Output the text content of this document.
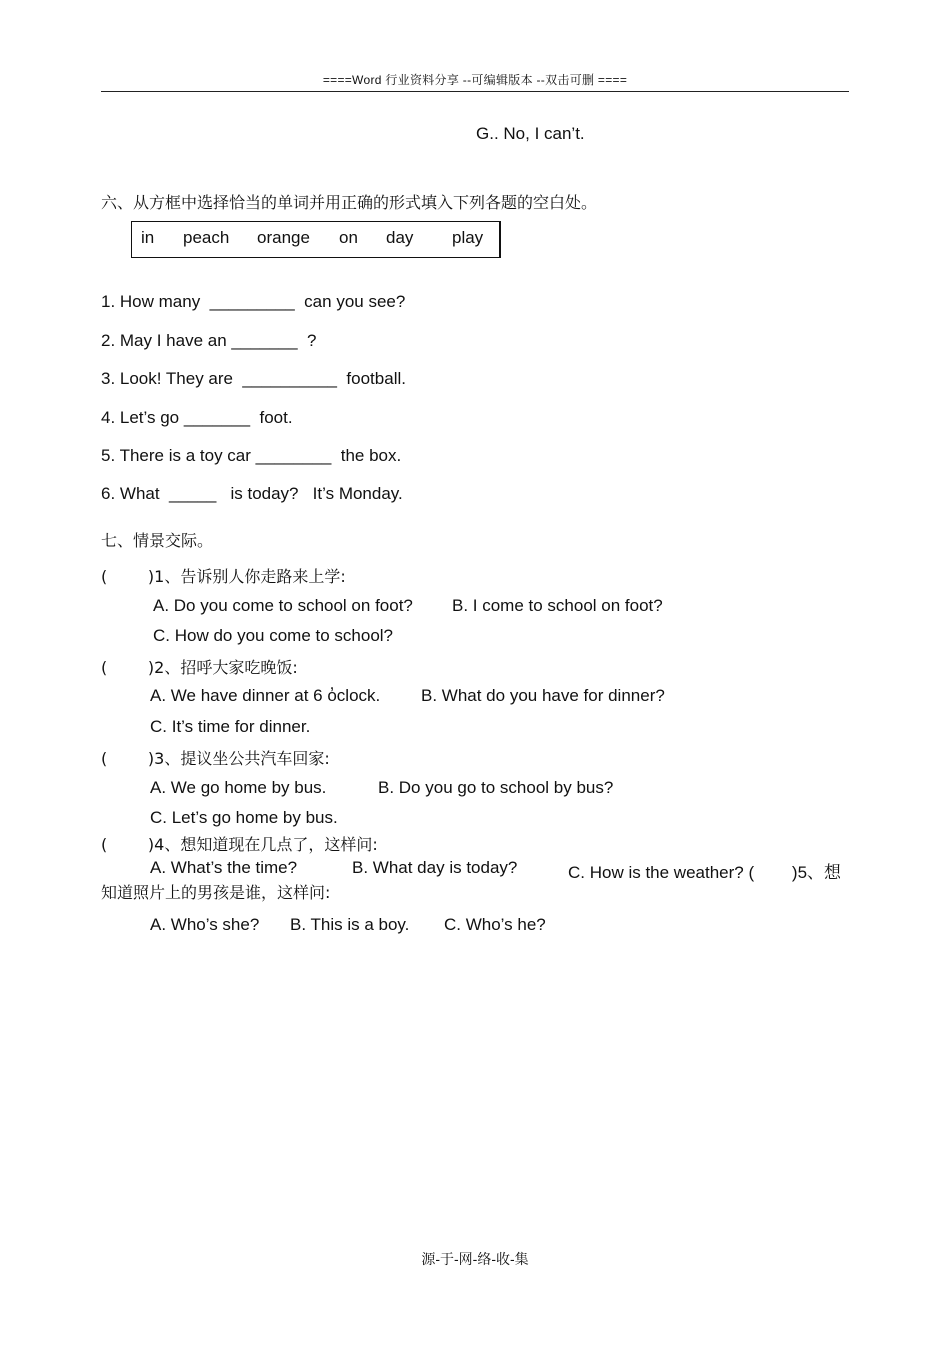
====Word 行业资料分享 --可编辑版本 --双击可删 ====
G.. No, I can’t.
六、从方框中选择恰当的单词并用正确的形式填入下列各题的空白处。
in peach orange on day play
1. How many  _________  can you see?
2. May I have an _______  ?
3. Look! They are  __________  football.
4. Let’s go _______  foot.
5. There is a toy car ________  the box.
6. What  _____   is today?   It’s Monday.
七、情景交际。
(        )1、告诉别人你走路来上学:
A. Do you come to school on foot? B. I come to school on foot?
C. How do you come to school?
(        )2、招呼大家吃晚饭:
A. We have dinner at 6 o̓clock. B. What do you have for dinner?
C. It’s time for dinner.
(        )3、提议坐公共汽车回家:
A. We go home by bus.	B. Do you go to school by bus?
C. Let’s go home by bus.
(        )4、想知道现在几点了，这样问:
A. What’s the time?	B. What day is today?	C. How is the weather? (        )5、想
知道照片上的男孩是谁，这样问:
A. Who’s she? B. This is a boy. C. Who’s he?
源-于-网-络-收-集
